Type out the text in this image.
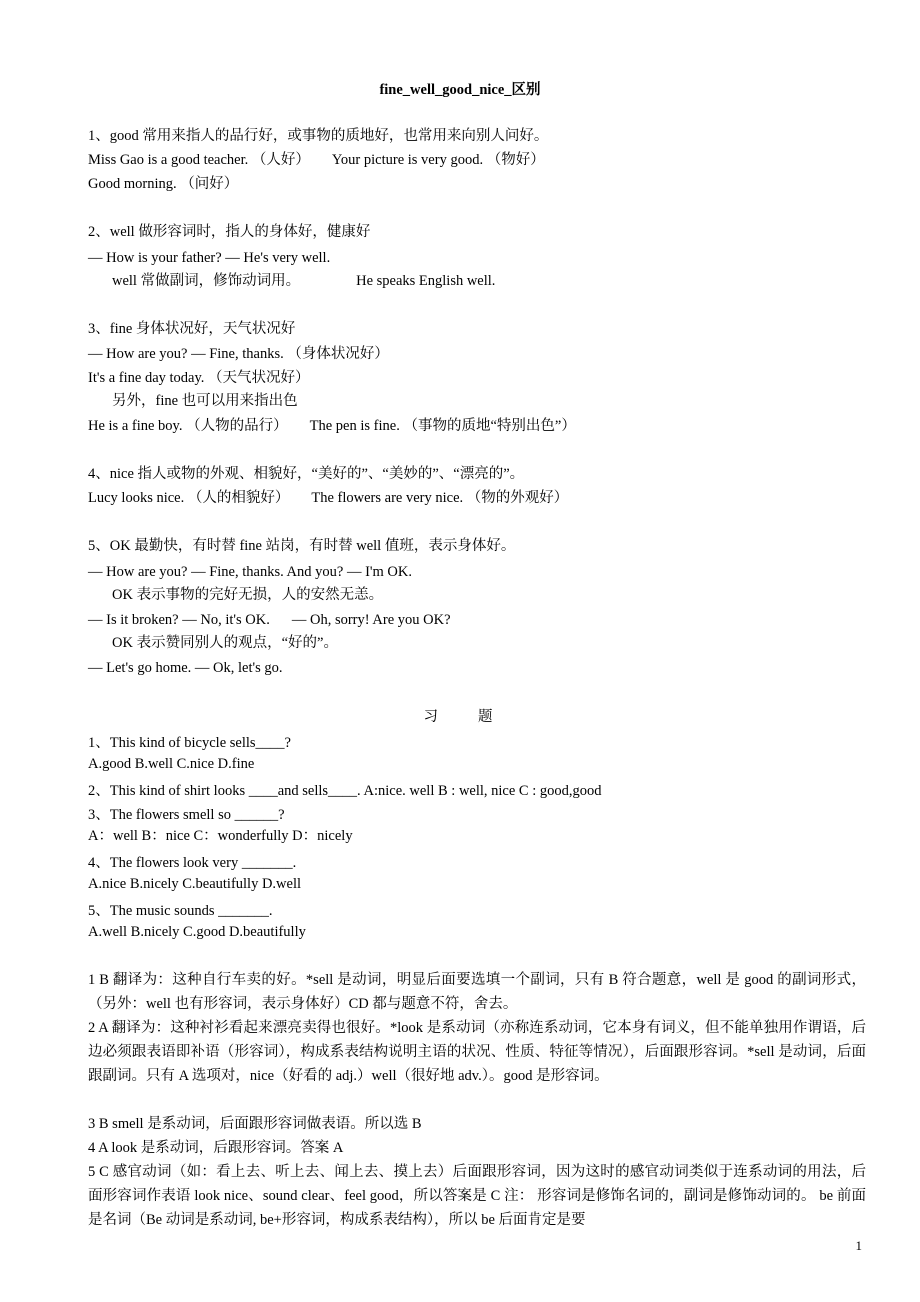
fine_well_good_nice_区别
1、good 常用来指人的品行好，或事物的质地好，也常用来向别人问好。
Miss Gao is a good teacher. （人好） Your picture is very good. （物好）
Good morning. （问好）
2、well 做形容词时，指人的身体好，健康好
— How is your father? — He's very well.
well 常做副词，修饰动词用。	He speaks English well.
3、fine 身体状况好，天气状况好
— How are you? — Fine, thanks. （身体状况好）
It's a fine day today. （天气状况好）
另外，fine 也可以用来指出色
He is a fine boy. （人物的品行） The pen is fine. （事物的质地“特别出色”）
4、nice 指人或物的外观、相貌好，“美好的”、“美妙的”、“漂亮的”。
Lucy looks nice. （人的相貌好） The flowers are very nice. （物的外观好）
5、OK 最勤快，有时替 fine 站岗，有时替 well 值班，表示身体好。
— How are you? — Fine, thanks. And you? — I'm OK.
OK 表示事物的完好无损，人的安然无恙。
— Is it broken? — No, it's OK. — Oh, sorry! Are you OK?
OK 表示赞同别人的观点，“好的”。
— Let's go home. — Ok, let's go.
习题
1、This kind of bicycle sells____?
A.good B.well C.nice D.fine
2、This kind of shirt looks ____and sells____. A:nice. well B : well, nice C : good,good
3、The flowers smell so ______?
A：well B：nice C：wonderfully D：nicely
4、The flowers look very _______.
A.nice B.nicely C.beautifully D.well
5、The music sounds _______.
A.well B.nicely C.good D.beautifully
1 B 翻译为：这种自行车卖的好。*sell 是动词，明显后面要选填一个副词，只有 B 符合题意，well 是 good 的副词形式，（另外：well 也有形容词，表示身体好）CD 都与题意不符，舍去。
2 A 翻译为：这种衬衫看起来漂亮卖得也很好。*look 是系动词（亦称连系动词，它本身有词义，但不能单独用作谓语，后边必须跟表语即补语（形容词），构成系表结构说明主语的状况、性质、特征等情况），后面跟形容词。*sell 是动词，后面跟副词。只有 A 选项对，nice（好看的 adj.）well（很好地 adv.）。good 是形容词。
3 B smell 是系动词，后面跟形容词做表语。所以选 B
4 A look 是系动词，后跟形容词。答案 A
5 C 感官动词（如：看上去、听上去、闻上去、摸上去）后面跟形容词，因为这时的感官动词类似于连系动词的用法，后面形容词作表语 look nice、sound clear、feel good，所以答案是 C 注： 形容词是修饰名词的，副词是修饰动词的。 be 前面是名词（Be 动词是系动词, be+形容词，构成系表结构），所以 be 后面肯定是要
1
